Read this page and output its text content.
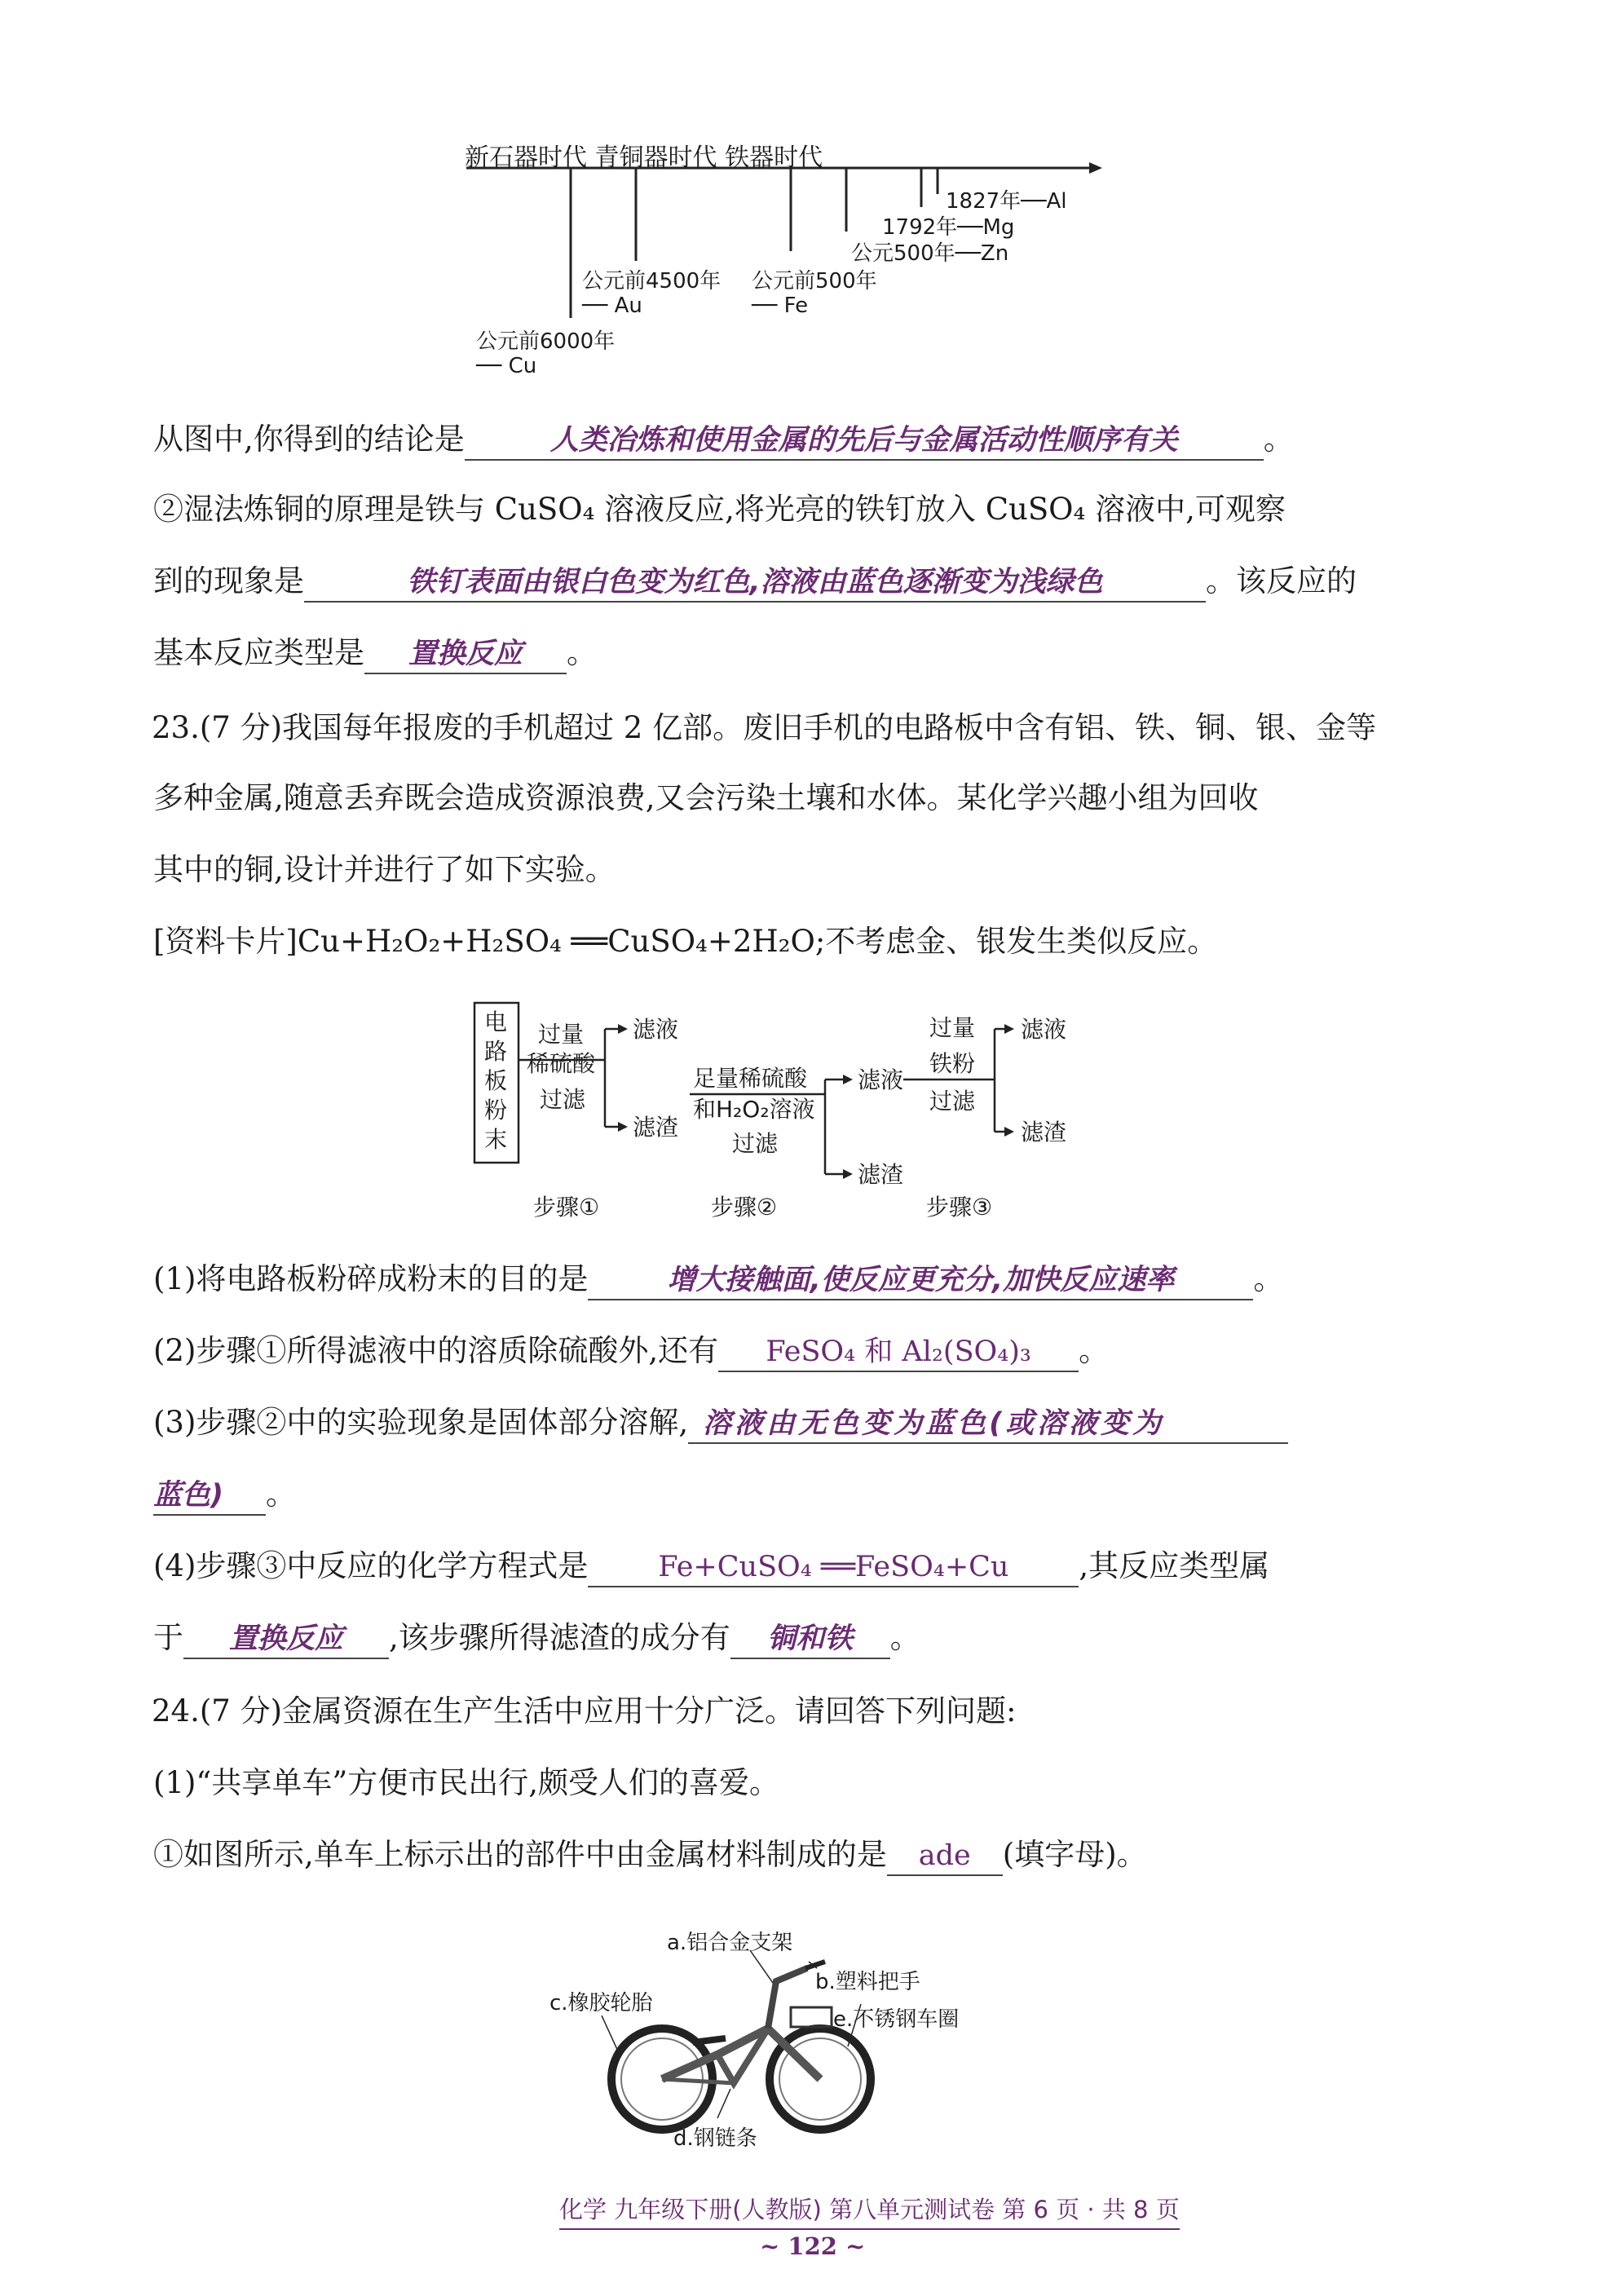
新石器时代 青铜器时代 铁器时代
公元前6000年
── Cu
公元前4500年
── Au
公元前500年
── Fe
公元500年──Zn
1792年──Mg
1827年──Al
从图中,你得到的结论是	人类冶炼和使用金属的先后与金属活动性顺序有关	。
②湿法炼铜的原理是铁与 CuSO₄ 溶液反应,将光亮的铁钉放入 CuSO₄ 溶液中,可观察
到的现象是	铁钉表面由银白色变为红色,溶液由蓝色逐渐变为浅绿色	。该反应的
基本反应类型是 置换反应 。
23.(7 分)我国每年报废的手机超过 2 亿部。废旧手机的电路板中含有铝、铁、铜、银、金等
多种金属,随意丢弃既会造成资源浪费,又会污染土壤和水体。某化学兴趣小组为回收
其中的铜,设计并进行了如下实验。
[资料卡片]Cu+H₂O₂+H₂SO₄ ══CuSO₄+2H₂O;不考虑金、银发生类似反应。
电路板粉末
过量
稀硫酸
过滤
滤液
滤渣
足量稀硫酸
和H₂O₂溶液
过滤
滤液
滤渣
过量
铁粉
过滤
滤液
滤渣
步骤①	步骤②	步骤③
(1)将电路板粉碎成粉末的目的是	增大接触面,使反应更充分,加快反应速率	。
(2)步骤①所得滤液中的溶质除硫酸外,还有 FeSO₄ 和 Al₂(SO₄)₃ 。
(3)步骤②中的实验现象是固体部分溶解, 溶液由无色变为蓝色(或溶液变为
蓝色) 。
(4)步骤③中反应的化学方程式是 Fe+CuSO₄ ══FeSO₄+Cu ,其反应类型属
于 置换反应 ,该步骤所得滤渣的成分有 铜和铁 。
24.(7 分)金属资源在生产生活中应用十分广泛。请回答下列问题:
(1)“共享单车”方便市民出行,颇受人们的喜爱。
①如图所示,单车上标示出的部件中由金属材料制成的是 ade (填字母)。
a.铝合金支架
b.塑料把手
c.橡胶轮胎
e.不锈钢车圈
d.钢链条
化学 九年级下册(人教版) 第八单元测试卷 第 6 页 · 共 8 页
~ 122 ~
